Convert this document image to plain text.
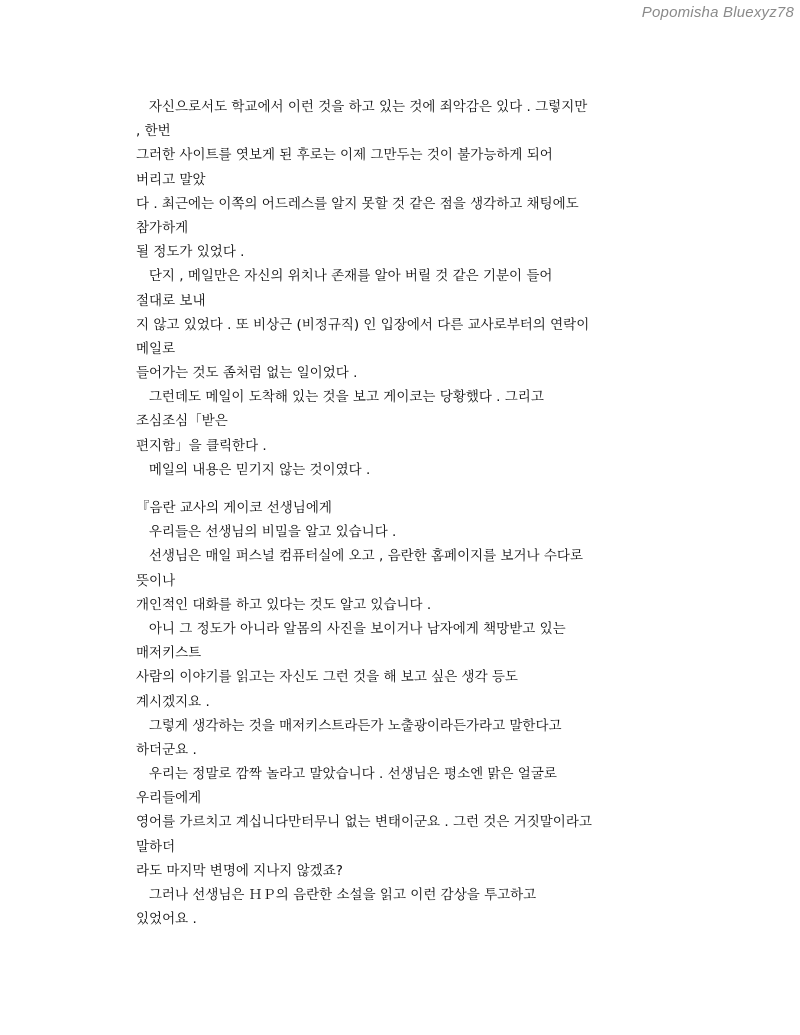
Popomisha Bluexyz78
자신으로서도 학교에서 이런 것을 하고 있는 것에 죄악감은 있다 . 그렇지만
, 한번
그러한 사이트를 엿보게 된 후로는 이제 그만두는 것이 불가능하게 되어
버리고 말았
다 . 최근에는 이쪽의 어드레스를 알지 못할 것 같은 점을 생각하고 채팅에도
참가하게
될 정도가 있었다 .
단지 , 메일만은 자신의 위치나 존재를 알아 버릴 것 같은 기분이 들어
절대로 보내
지 않고 있었다 . 또 비상근 (비정규직) 인 입장에서 다른 교사로부터의 연락이
메일로
들어가는 것도 좀처럼 없는 일이었다 .
그런데도 메일이 도착해 있는 것을 보고 게이코는 당황했다 . 그리고
조심조심「받은
편지함」을 클릭한다 .
메일의 내용은 믿기지 않는 것이였다 .
『음란 교사의 게이코 선생님에게
우리들은 선생님의 비밀을 알고 있습니다 .
선생님은 매일 퍼스널 컴퓨터실에 오고 , 음란한 홈페이지를 보거나 수다로
뜻이나
개인적인 대화를 하고 있다는 것도 알고 있습니다 .
아니 그 정도가 아니라 알몸의 사진을 보이거나 남자에게 책망받고 있는
매저키스트
사람의 이야기를 읽고는 자신도 그런 것을 해 보고 싶은 생각 등도
계시겠지요 .
그렇게 생각하는 것을 매저키스트라든가 노출광이라든가라고 말한다고
하더군요 .
우리는 정말로 깜짝 놀라고 말았습니다 . 선생님은 평소엔 맑은 얼굴로
우리들에게
영어를 가르치고 계십니다만터무니 없는 변태이군요 . 그런 것은 거짓말이라고
말하더
라도 마지막 변명에 지나지 않겠죠?
그러나 선생님은 ＨＰ의 음란한 소설을 읽고 이런 감상을 투고하고
있었어요 .
